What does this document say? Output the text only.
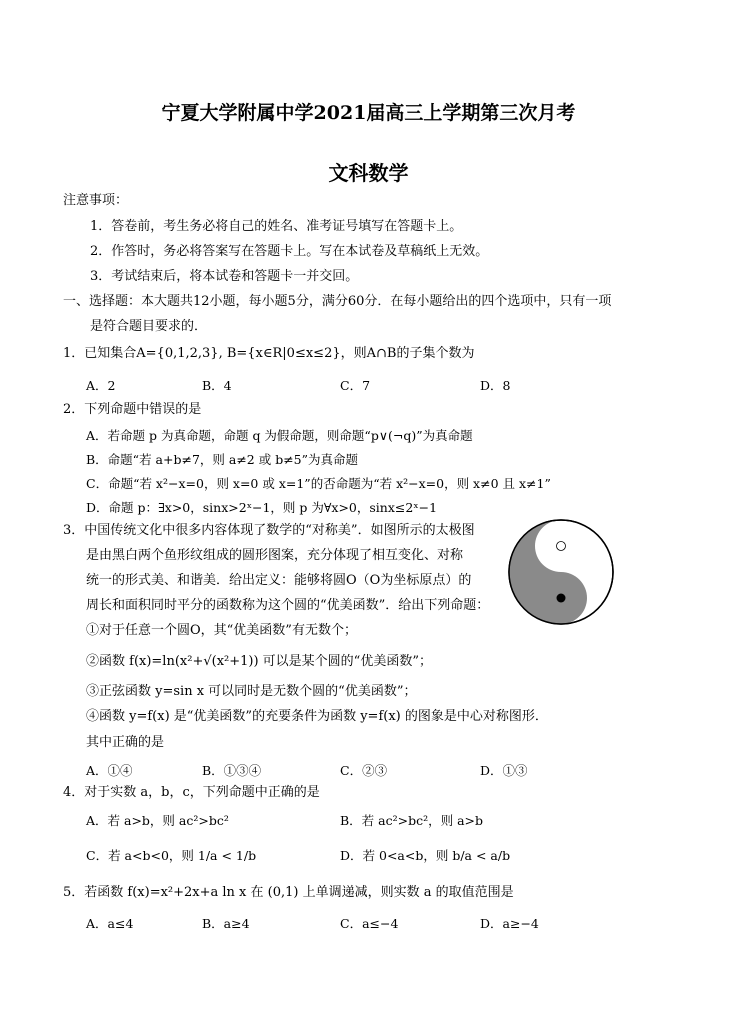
宁夏大学附属中学2021届高三上学期第三次月考
文科数学
注意事项：
1．答卷前，考生务必将自己的姓名、准考证号填写在答题卡上。
2．作答时，务必将答案写在答题卡上。写在本试卷及草稿纸上无效。
3．考试结束后，将本试卷和答题卡一并交回。
一、选择题：本大题共12小题，每小题5分，满分60分．在每小题给出的四个选项中，只有一项
是符合题目要求的．
1．已知集合A={0,1,2,3}, B={x∈R|0≤x≤2}，则A∩B的子集个数为
A．2	B．4	C．7	D．8
2．下列命题中错误的是
A．若命题 p 为真命题，命题 q 为假命题，则命题“p∨(¬q)”为真命题
B．命题“若 a+b≠7，则 a≠2 或 b≠5”为真命题
C．命题“若 x²−x=0，则 x=0 或 x=1”的否命题为“若 x²−x=0，则 x≠0 且 x≠1”
D．命题 p：∃x>0，sinx>2ˣ−1，则 p 为∀x>0，sinx≤2ˣ−1
3．中国传统文化中很多内容体现了数学的“对称美”．如图所示的太极图
是由黑白两个鱼形纹组成的圆形图案，充分体现了相互变化、对称
统一的形式美、和谐美．给出定义：能够将圆O（O为坐标原点）的
周长和面积同时平分的函数称为这个圆的“优美函数”．给出下列命题：
①对于任意一个圆O，其“优美函数”有无数个；
②函数 f(x)=ln(x²+√(x²+1)) 可以是某个圆的“优美函数”；
③正弦函数 y=sin x 可以同时是无数个圆的“优美函数”；
④函数 y=f(x) 是“优美函数”的充要条件为函数 y=f(x) 的图象是中心对称图形．
其中正确的是
A．①④	B．①③④	C．②③	D．①③
4．对于实数 a，b，c，下列命题中正确的是
A．若 a>b，则 ac²>bc²	B．若 ac²>bc²，则 a>b
C．若 a<b<0，则 1/a < 1/b	D．若 0<a<b，则 b/a < a/b
5．若函数 f(x)=x²+2x+a ln x 在 (0,1) 上单调递减，则实数 a 的取值范围是
A．a≤4	B．a≥4	C．a≤−4	D．a≥−4
